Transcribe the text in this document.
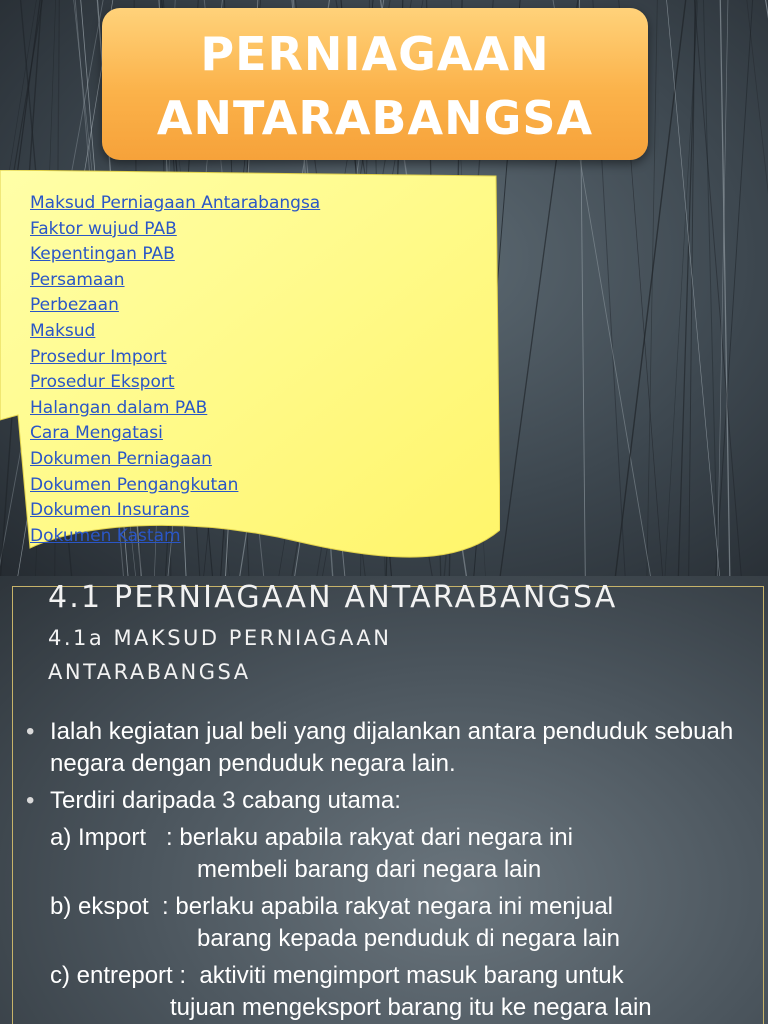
PERNIAGAAN
ANTARABANGSA
Maksud Perniagaan Antarabangsa
Faktor wujud PAB
Kepentingan PAB
Persamaan
Perbezaan
Maksud
Prosedur Import
Prosedur Eksport
Halangan dalam PAB
Cara Mengatasi
Dokumen Perniagaan
Dokumen Pengangkutan
Dokumen Insurans
Dokumen Kastam
4.1 PERNIAGAAN ANTARABANGSA
4.1a MAKSUD PERNIAGAAN ANTARABANGSA
• Ialah kegiatan jual beli yang dijalankan antara penduduk sebuah negara dengan penduduk negara lain.
• Terdiri daripada 3 cabang utama:
a) Import   : berlaku apabila rakyat dari negara ini
membeli barang dari negara lain
b) ekspot  : berlaku apabila rakyat negara ini menjual
barang kepada penduduk di negara lain
c) entreport :  aktiviti mengimport masuk barang untuk
tujuan mengeksport barang itu ke negara lain
